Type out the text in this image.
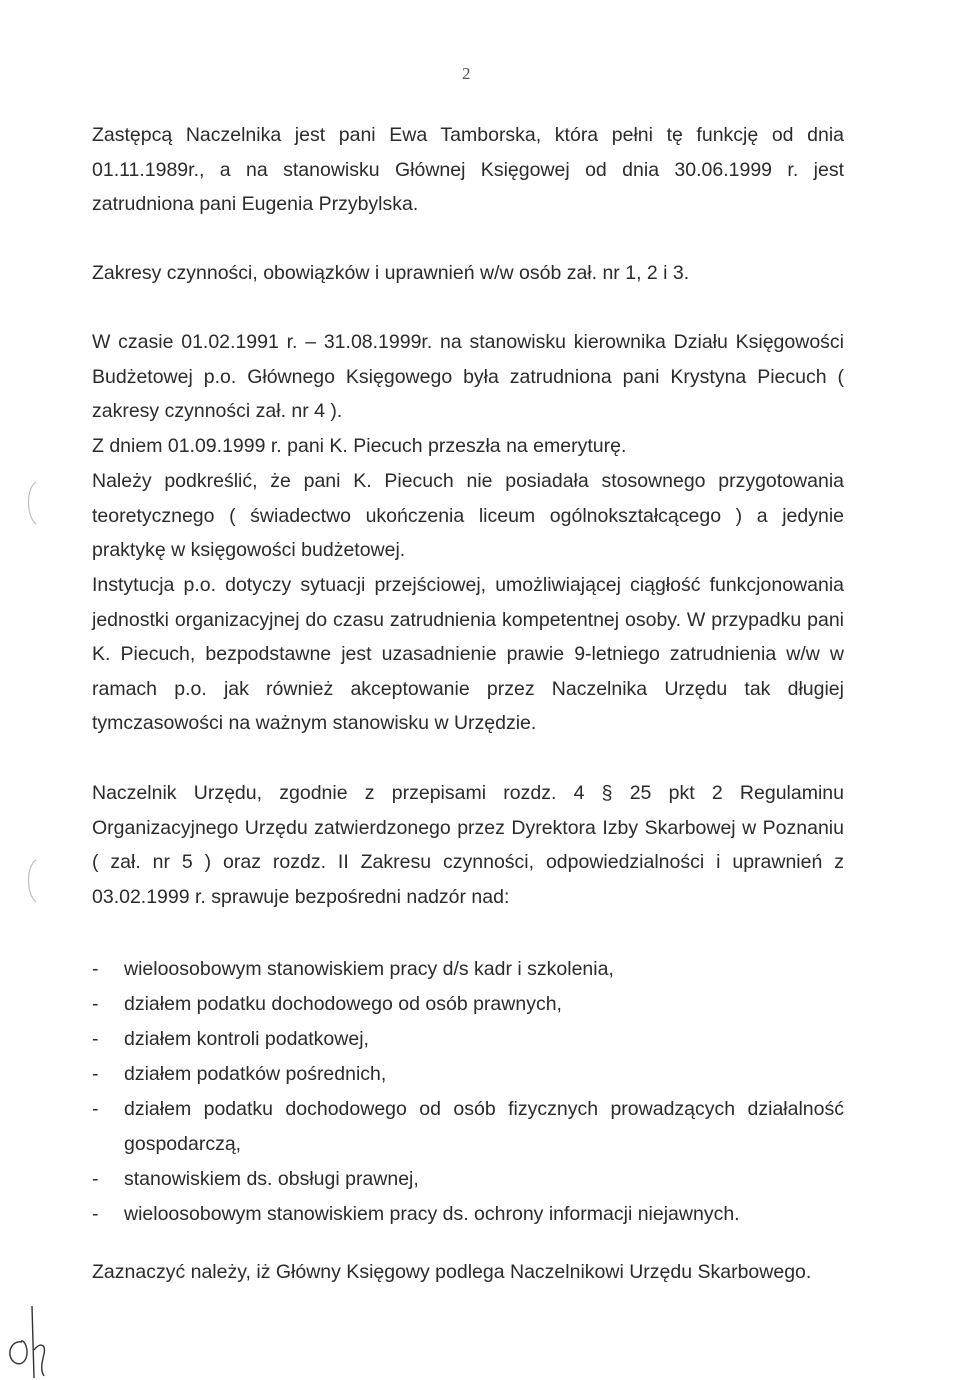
2

Zastępcą Naczelnika jest pani Ewa Tamborska, która pełni tę funkcję od dnia 01.11.1989r., a na stanowisku Głównej Księgowej od dnia 30.06.1999 r. jest zatrudniona pani Eugenia Przybylska.

Zakresy czynności, obowiązków i uprawnień w/w osób zał. nr 1, 2 i 3.

W czasie 01.02.1991 r. – 31.08.1999r. na stanowisku kierownika Działu Księgowości Budżetowej p.o. Głównego Księgowego była zatrudniona pani Krystyna Piecuch ( zakresy czynności zał. nr 4 ).

Z dniem 01.09.1999 r. pani K. Piecuch przeszła na emeryturę.

Należy podkreślić, że pani K. Piecuch nie posiadała stosownego przygotowania teoretycznego ( świadectwo ukończenia liceum ogólnokształcącego ) a jedynie praktykę w księgowości budżetowej.

Instytucja p.o. dotyczy sytuacji przejściowej, umożliwiającej ciągłość funkcjonowania jednostki organizacyjnej do czasu zatrudnienia kompetentnej osoby. W przypadku pani K. Piecuch, bezpodstawne jest uzasadnienie prawie 9-letniego zatrudnienia w/w w ramach p.o. jak również akceptowanie przez Naczelnika Urzędu tak długiej tymczasowości na ważnym stanowisku w Urzędzie.

Naczelnik Urzędu, zgodnie z przepisami rozdz. 4 § 25 pkt 2 Regulaminu Organizacyjnego Urzędu zatwierdzonego przez Dyrektora Izby Skarbowej w Poznaniu ( zał. nr 5 ) oraz rozdz. II Zakresu czynności, odpowiedzialności i uprawnień z 03.02.1999 r. sprawuje bezpośredni nadzór nad:

- wieloosobowym stanowiskiem pracy d/s kadr i szkolenia,
- działem podatku dochodowego od osób prawnych,
- działem kontroli podatkowej,
- działem podatków pośrednich,
- działem podatku dochodowego od osób fizycznych prowadzących działalność gospodarczą,
- stanowiskiem ds. obsługi prawnej,
- wieloosobowym stanowiskiem pracy ds. ochrony informacji niejawnych.

Zaznaczyć należy, iż Główny Księgowy podlega Naczelnikowi Urzędu Skarbowego.
